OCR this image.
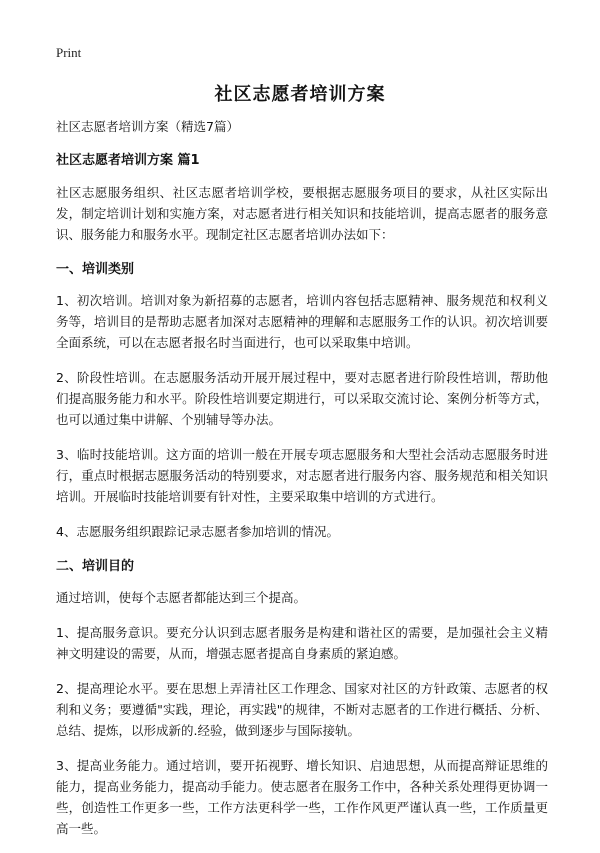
Print
社区志愿者培训方案

社区志愿者培训方案（精选7篇）

社区志愿者培训方案 篇1

社区志愿服务组织、社区志愿者培训学校，要根据志愿服务项目的要求，从社区实际出发，制定培训计划和实施方案，对志愿者进行相关知识和技能培训，提高志愿者的服务意识、服务能力和服务水平。现制定社区志愿者培训办法如下：

一、培训类别

1、初次培训。培训对象为新招募的志愿者，培训内容包括志愿精神、服务规范和权利义务等，培训目的是帮助志愿者加深对志愿精神的理解和志愿服务工作的认识。初次培训要全面系统，可以在志愿者报名时当面进行，也可以采取集中培训。

2、阶段性培训。在志愿服务活动开展开展过程中，要对志愿者进行阶段性培训，帮助他们提高服务能力和水平。阶段性培训要定期进行，可以采取交流讨论、案例分析等方式，也可以通过集中讲解、个别辅导等办法。

3、临时技能培训。这方面的培训一般在开展专项志愿服务和大型社会活动志愿服务时进行，重点时根据志愿服务活动的特别要求，对志愿者进行服务内容、服务规范和相关知识培训。开展临时技能培训要有针对性，主要采取集中培训的方式进行。

4、志愿服务组织跟踪记录志愿者参加培训的情况。

二、培训目的

通过培训，使每个志愿者都能达到三个提高。

1、提高服务意识。要充分认识到志愿者服务是构建和谐社区的需要，是加强社会主义精神文明建设的需要，从而，增强志愿者提高自身素质的紧迫感。

2、提高理论水平。要在思想上弄清社区工作理念、国家对社区的方针政策、志愿者的权利和义务；要遵循"实践，理论，再实践"的规律，不断对志愿者的工作进行概括、分析、总结、提炼，以形成新的.经验，做到逐步与国际接轨。

3、提高业务能力。通过培训，要开拓视野、增长知识、启迪思想，从而提高辩证思维的能力，提高业务能力，提高动手能力。使志愿者在服务工作中，各种关系处理得更协调一些，创造性工作更多一些，工作方法更科学一些，工作作风更严谨认真一些，工作质量更高一些。
